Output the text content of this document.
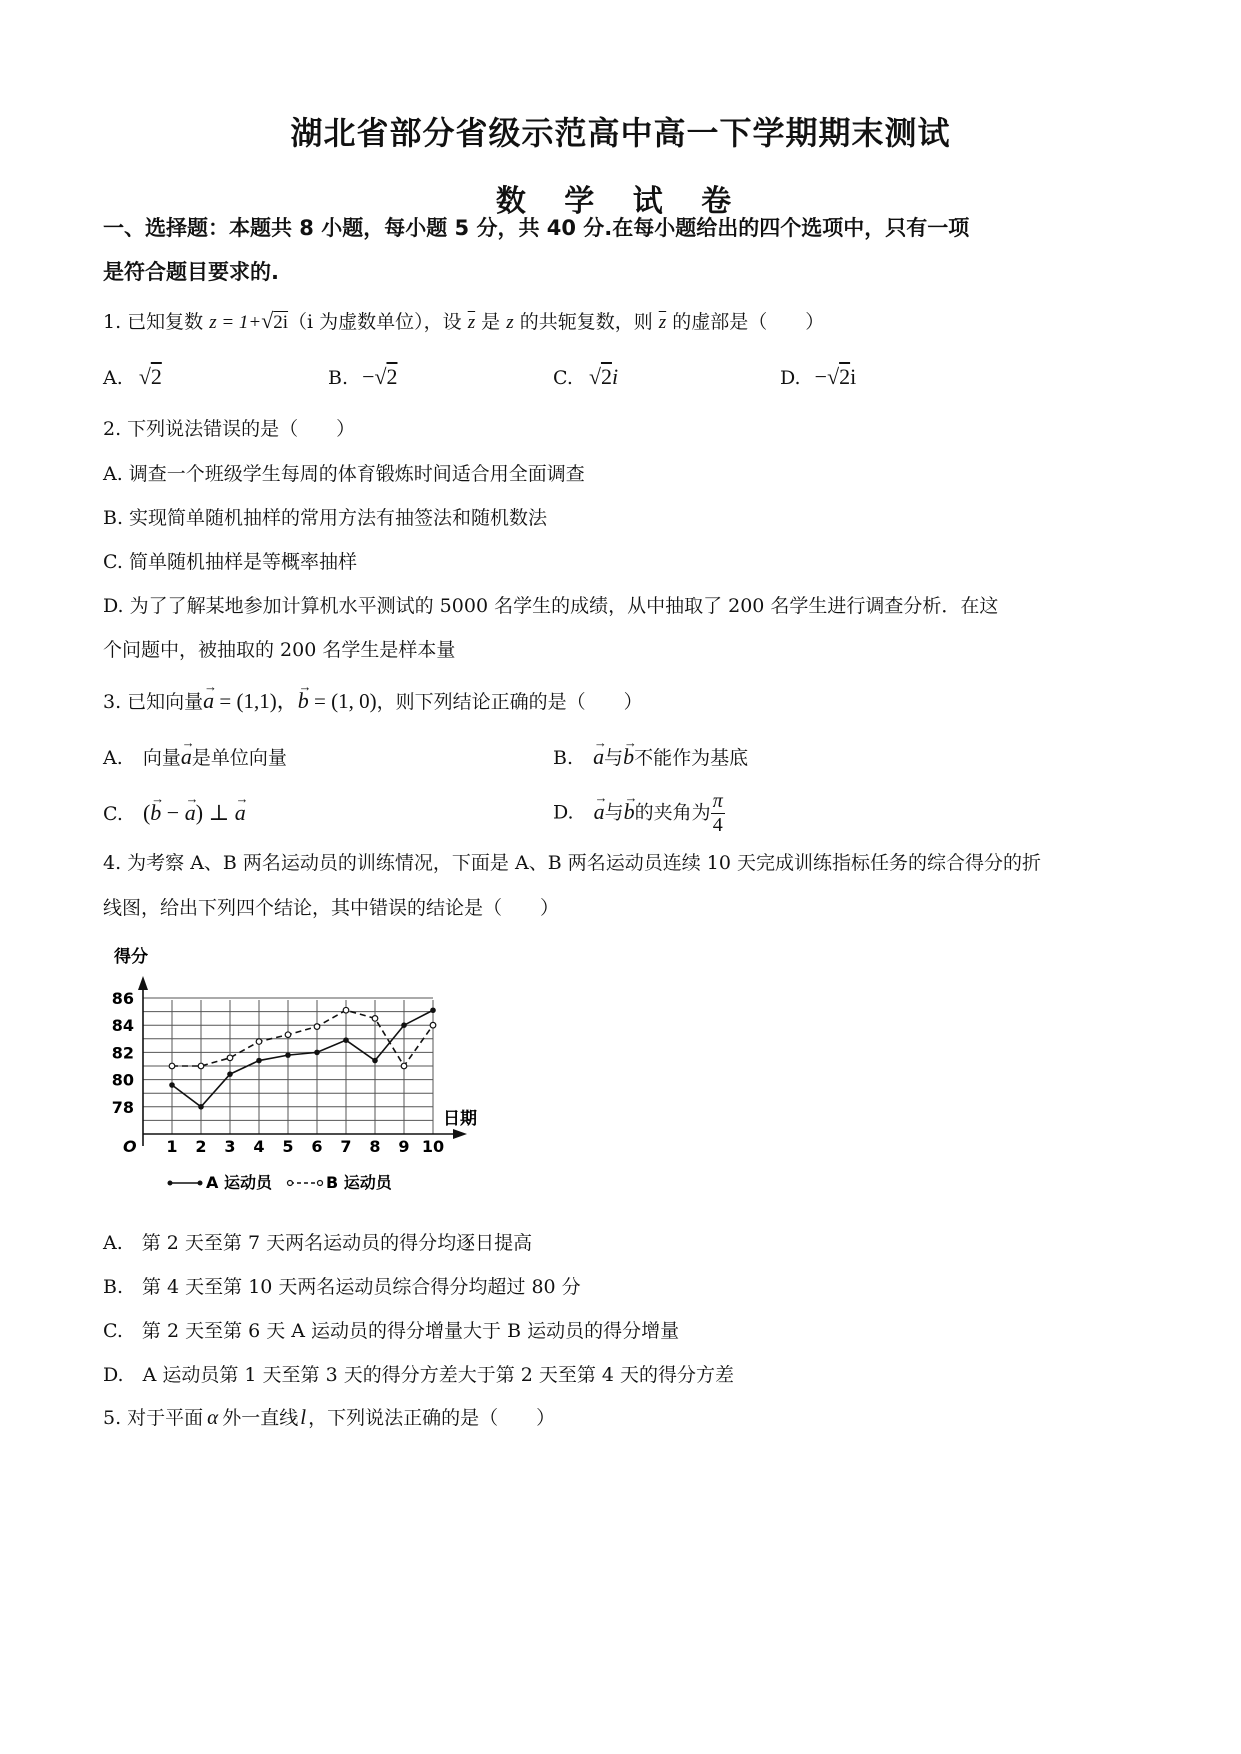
湖北省部分省级示范高中高一下学期期末测试
数 学 试 卷
一、选择题：本题共 8 小题，每小题 5 分，共 40 分.在每小题给出的四个选项中，只有一项
是符合题目要求的.
1. 已知复数 z = 1+√2i（i 为虚数单位），设 $\overline{z}$ 是 z 的共轭复数，则 $\overline{z}$ 的虚部是（　　）
A. √2	B. −√2	C. √2i	D. −√2i
2. 下列说法错误的是（　　）
A. 调查一个班级学生每周的体育锻炼时间适合用全面调查
B. 实现简单随机抽样的常用方法有抽签法和随机数法
C. 简单随机抽样是等概率抽样
D. 为了了解某地参加计算机水平测试的 5000 名学生的成绩，从中抽取了 200 名学生进行调查分析．在这
个问题中，被抽取的 200 名学生是样本量
3. 已知向量→ a = (1,1)，→ b = (1, 0)，则下列结论正确的是（　　）
A. 向量→ a是单位向量	B. → a与→ b不能作为基底
C. (→ b − → a) ⊥ → a	D. → a与→ b的夹角为 $\frac{\pi}{4}$
4. 为考察 A、B 两名运动员的训练情况，下面是 A、B 两名运动员连续 10 天完成训练指标任务的综合得分的折
线图，给出下列四个结论，其中错误的结论是（　　）
得分
日期
O
78
80
82
84
86
1 2 3 4 5 6 7 8 9 10
A 运动员	B 运动员
A.　第 2 天至第 7 天两名运动员的得分均逐日提高
B.　第 4 天至第 10 天两名运动员综合得分均超过 80 分
C.　第 2 天至第 6 天 A 运动员的得分增量大于 B 运动员的得分增量
D.　A 运动员第 1 天至第 3 天的得分方差大于第 2 天至第 4 天的得分方差
5. 对于平面 α 外一直线l ，下列说法正确的是（　　）
